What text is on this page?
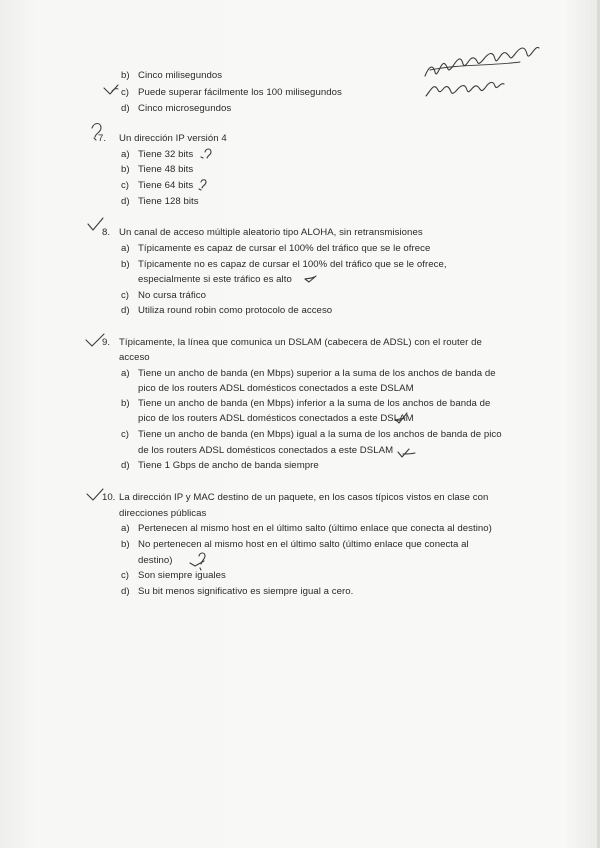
b) Cinco milisegundos
c) Puede superar fácilmente los 100 milisegundos
d) Cinco microsegundos
7. Un dirección IP versión 4
a) Tiene 32 bits
b) Tiene 48 bits
c) Tiene 64 bits
d) Tiene 128 bits
8. Un canal de acceso múltiple aleatorio tipo ALOHA, sin retransmisiones
a) Típicamente es capaz de cursar el 100% del tráfico que se le ofrece
b) Típicamente no es capaz de cursar el 100% del tráfico que se le ofrece,
especialmente si este tráfico es alto
c) No cursa tráfico
d) Utiliza round robin como protocolo de acceso
9. Típicamente, la línea que comunica un DSLAM (cabecera de ADSL) con el router de
acceso
a) Tiene un ancho de banda (en Mbps) superior a la suma de los anchos de banda de
pico de los routers ADSL domésticos conectados a este DSLAM
b) Tiene un ancho de banda (en Mbps) inferior a la suma de los anchos de banda de
pico de los routers ADSL domésticos conectados a este DSLAM
c) Tiene un ancho de banda (en Mbps) igual a la suma de los anchos de banda de pico
de los routers ADSL domésticos conectados a este DSLAM
d) Tiene 1 Gbps de ancho de banda siempre
10. La dirección IP y MAC destino de un paquete, en los casos típicos vistos en clase con
direcciones públicas
a) Pertenecen al mismo host en el último salto (último enlace que conecta al destino)
b) No pertenecen al mismo host en el último salto (último enlace que conecta al
destino)
c) Son siempre iguales
d) Su bit menos significativo es siempre igual a cero.
